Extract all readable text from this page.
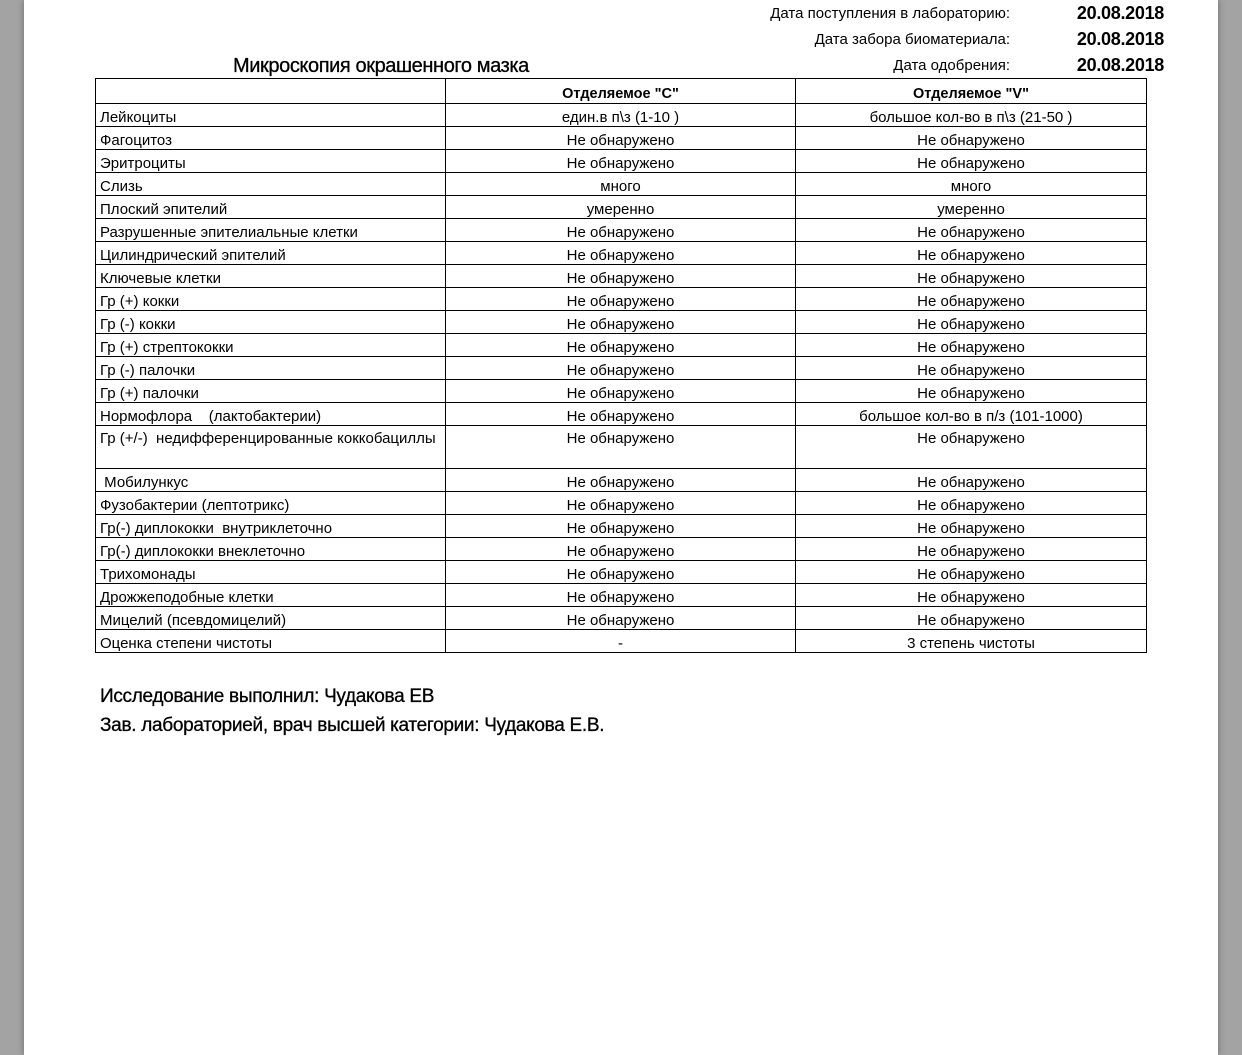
Дата поступления в лабораторию:	20.08.2018
Дата забора биоматериала:	20.08.2018
Дата одобрения:	20.08.2018
Микроскопия окрашенного мазка
	Отделяемое "С"	Отделяемое "V"
Лейкоциты	един.в п\з (1-10 )	большое кол-во в п\з (21-50 )
Фагоцитоз	Не обнаружено	Не обнаружено
Эритроциты	Не обнаружено	Не обнаружено
Слизь	много	много
Плоский эпителий	умеренно	умеренно
Разрушенные эпителиальные клетки	Не обнаружено	Не обнаружено
Цилиндрический эпителий	Не обнаружено	Не обнаружено
Ключевые клетки	Не обнаружено	Не обнаружено
Гр (+) кокки	Не обнаружено	Не обнаружено
Гр (-) кокки	Не обнаружено	Не обнаружено
Гр (+) стрептококки	Не обнаружено	Не обнаружено
Гр (-) палочки	Не обнаружено	Не обнаружено
Гр (+) палочки	Не обнаружено	Не обнаружено
Нормофлора    (лактобактерии)	Не обнаружено	большое кол-во в п/з (101-1000)
Гр (+/-)  недифференцированные коккобациллы	Не обнаружено	Не обнаружено
Мобилункус	Не обнаружено	Не обнаружено
Фузобактерии (лептотрикс)	Не обнаружено	Не обнаружено
Гр(-) диплококки  внутриклеточно	Не обнаружено	Не обнаружено
Гр(-) диплококки внеклеточно	Не обнаружено	Не обнаружено
Трихомонады	Не обнаружено	Не обнаружено
Дрожжеподобные клетки	Не обнаружено	Не обнаружено
Мицелий (псевдомицелий)	Не обнаружено	Не обнаружено
Оценка степени чистоты	-	3 степень чистоты
Исследование выполнил: Чудакова ЕВ
Зав. лабораторией, врач высшей категории: Чудакова Е.В.
